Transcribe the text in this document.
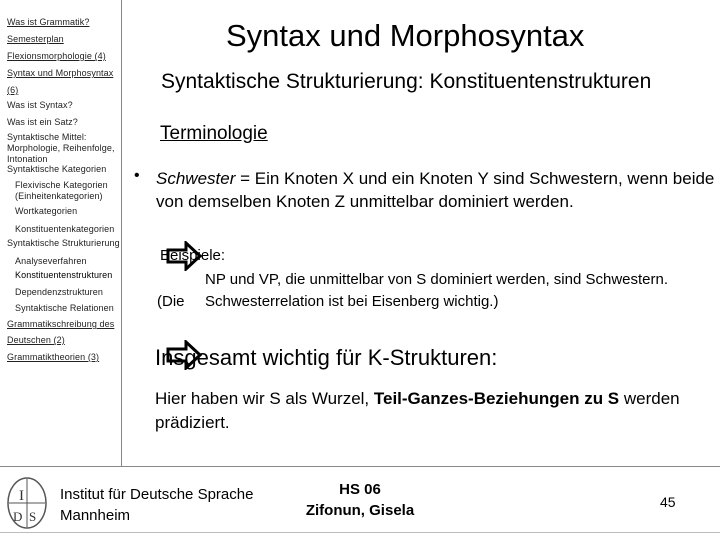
Was ist Grammatik?
Semesterplan
Flexionsmorphologie (4)
Syntax und Morphosyntax
(6)
Was ist Syntax?
Was ist ein Satz?
Syntaktische Mittel: Morphologie, Reihenfolge, Intonation
Syntaktische Kategorien
Flexivische Kategorien (Einheitenkategorien)
Wortkategorien
Konstituentenkategorien
Syntaktische Strukturierung
Analyseverfahren
Konstituentenstrukturen
Dependenzstrukturen
Syntaktische Relationen
Grammatikschreibung des
Deutschen (2)
Grammatiktheorien (3)
Syntax und Morphosyntax
Syntaktische Strukturierung: Konstituentenstrukturen
Terminologie
• Schwester = Ein Knoten X und ein Knoten Y sind Schwestern, wenn beide von demselben Knoten Z unmittelbar dominiert werden.
Beispiele:
NP und VP, die unmittelbar von S dominiert werden, sind Schwestern.
(Die Schwesterrelation ist bei Eisenberg wichtig.)
Insgesamt wichtig für K-Strukturen:
Hier haben wir S als Wurzel, Teil-Ganzes-Beziehungen zu S werden prädiziert.
I
D S
Institut für Deutsche Sprache
Mannheim
HS 06
Zifonun, Gisela	45
